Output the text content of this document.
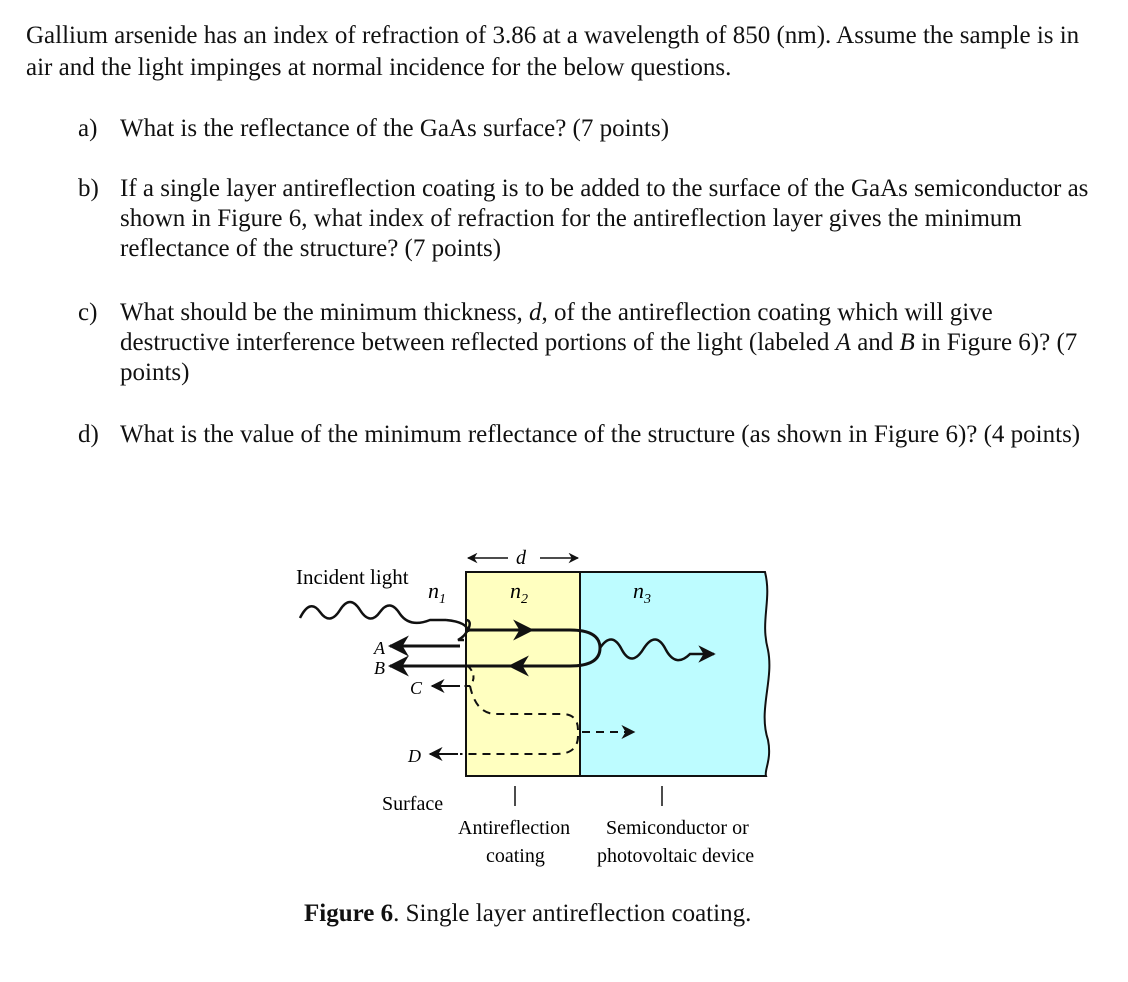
Gallium arsenide has an index of refraction of 3.86 at a wavelength of 850 (nm). Assume the sample is in air and the light impinges at normal incidence for the below questions.

a) What is the reflectance of the GaAs surface? (7 points)
b) If a single layer antireflection coating is to be added to the surface of the GaAs semiconductor as shown in Figure 6, what index of refraction for the antireflection layer gives the minimum reflectance of the structure? (7 points)
c) What should be the minimum thickness, d, of the antireflection coating which will give destructive interference between reflected portions of the light (labeled A and B in Figure 6)? (7 points)
d) What is the value of the minimum reflectance of the structure (as shown in Figure 6)? (4 points)
d
Incident light
$n_1$	$n_2$	$n_3$
A
B
C
D
Surface
Antireflection
coating
Semiconductor or
photovoltaic device
Figure 6. Single layer antireflection coating.
